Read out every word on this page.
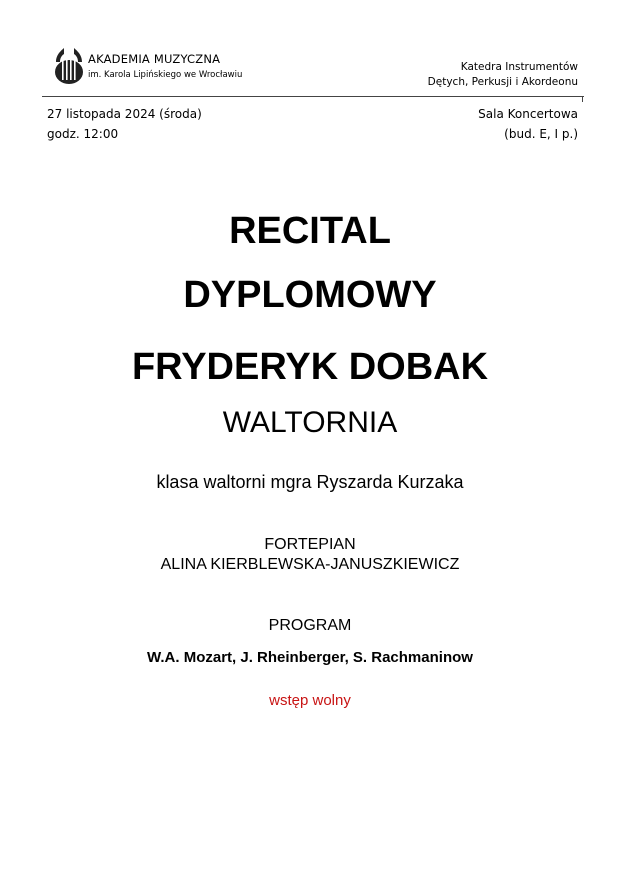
AKADEMIA MUZYCZNA
im. Karola Lipińskiego we Wrocławiu
Katedra Instrumentów
Dętych, Perkusji i Akordeonu
27 listopada 2024 (środa)
godz. 12:00
Sala Koncertowa
(bud. E, I p.)
RECITAL
DYPLOMOWY
FRYDERYK DOBAK
WALTORNIA
klasa waltorni mgra Ryszarda Kurzaka
FORTEPIAN
ALINA KIERBLEWSKA-JANUSZKIEWICZ
PROGRAM
W.A. Mozart, J. Rheinberger, S. Rachmaninow
wstęp wolny
